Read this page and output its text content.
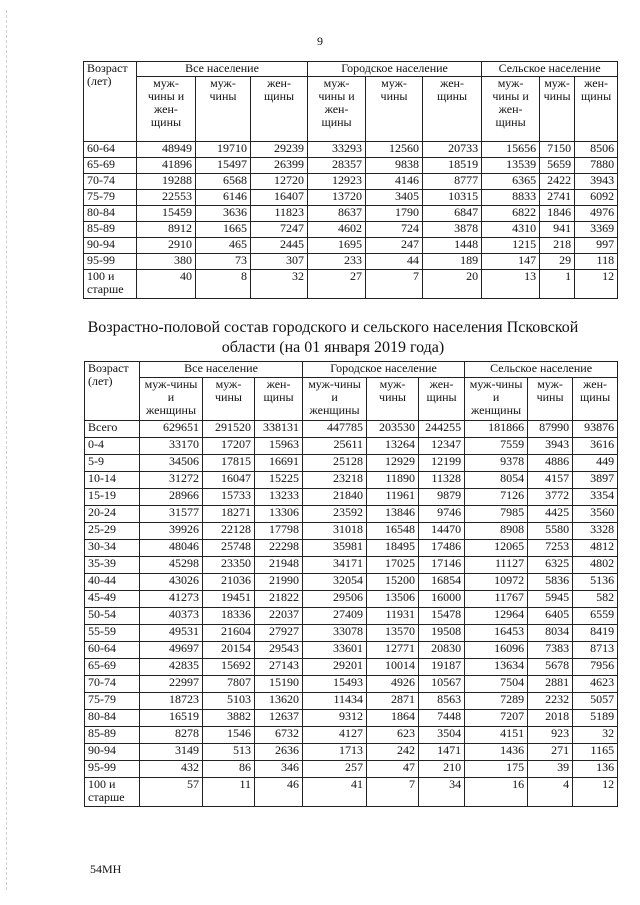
9
Возраст (лет)	Все население			Городское население			Сельское население		
	муж-чины и жен-щины	муж-чины	жен-щины	муж-чины и жен-щины	муж-чины	жен-щины	муж-чины и жен-щины	муж-чины	жен-щины
60-64	48949	19710	29239	33293	12560	20733	15656	7150	8506
65-69	41896	15497	26399	28357	9838	18519	13539	5659	7880
70-74	19288	6568	12720	12923	4146	8777	6365	2422	3943
75-79	22553	6146	16407	13720	3405	10315	8833	2741	6092
80-84	15459	3636	11823	8637	1790	6847	6822	1846	4976
85-89	8912	1665	7247	4602	724	3878	4310	941	3369
90-94	2910	465	2445	1695	247	1448	1215	218	997
95-99	380	73	307	233	44	189	147	29	118
100 и старше	40	8	32	27	7	20	13	1	12
Возрастно-половой состав городского и сельского населения Псковской области (на 01 января 2019 года)
Возраст (лет)	Все население			Городское население			Сельское население		
	муж-чины и женщины	муж-чины	жен-щины	муж-чины и женщины	муж-чины	жен-щины	муж-чины и женщины	муж-чины	жен-щины
Всего	629651	291520	338131	447785	203530	244255	181866	87990	93876
0-4	33170	17207	15963	25611	13264	12347	7559	3943	3616
5-9	34506	17815	16691	25128	12929	12199	9378	4886	449
10-14	31272	16047	15225	23218	11890	11328	8054	4157	3897
15-19	28966	15733	13233	21840	11961	9879	7126	3772	3354
20-24	31577	18271	13306	23592	13846	9746	7985	4425	3560
25-29	39926	22128	17798	31018	16548	14470	8908	5580	3328
30-34	48046	25748	22298	35981	18495	17486	12065	7253	4812
35-39	45298	23350	21948	34171	17025	17146	11127	6325	4802
40-44	43026	21036	21990	32054	15200	16854	10972	5836	5136
45-49	41273	19451	21822	29506	13506	16000	11767	5945	582
50-54	40373	18336	22037	27409	11931	15478	12964	6405	6559
55-59	49531	21604	27927	33078	13570	19508	16453	8034	8419
60-64	49697	20154	29543	33601	12771	20830	16096	7383	8713
65-69	42835	15692	27143	29201	10014	19187	13634	5678	7956
70-74	22997	7807	15190	15493	4926	10567	7504	2881	4623
75-79	18723	5103	13620	11434	2871	8563	7289	2232	5057
80-84	16519	3882	12637	9312	1864	7448	7207	2018	5189
85-89	8278	1546	6732	4127	623	3504	4151	923	32
90-94	3149	513	2636	1713	242	1471	1436	271	1165
95-99	432	86	346	257	47	210	175	39	136
100 и старше	57	11	46	41	7	34	16	4	12
54МН
